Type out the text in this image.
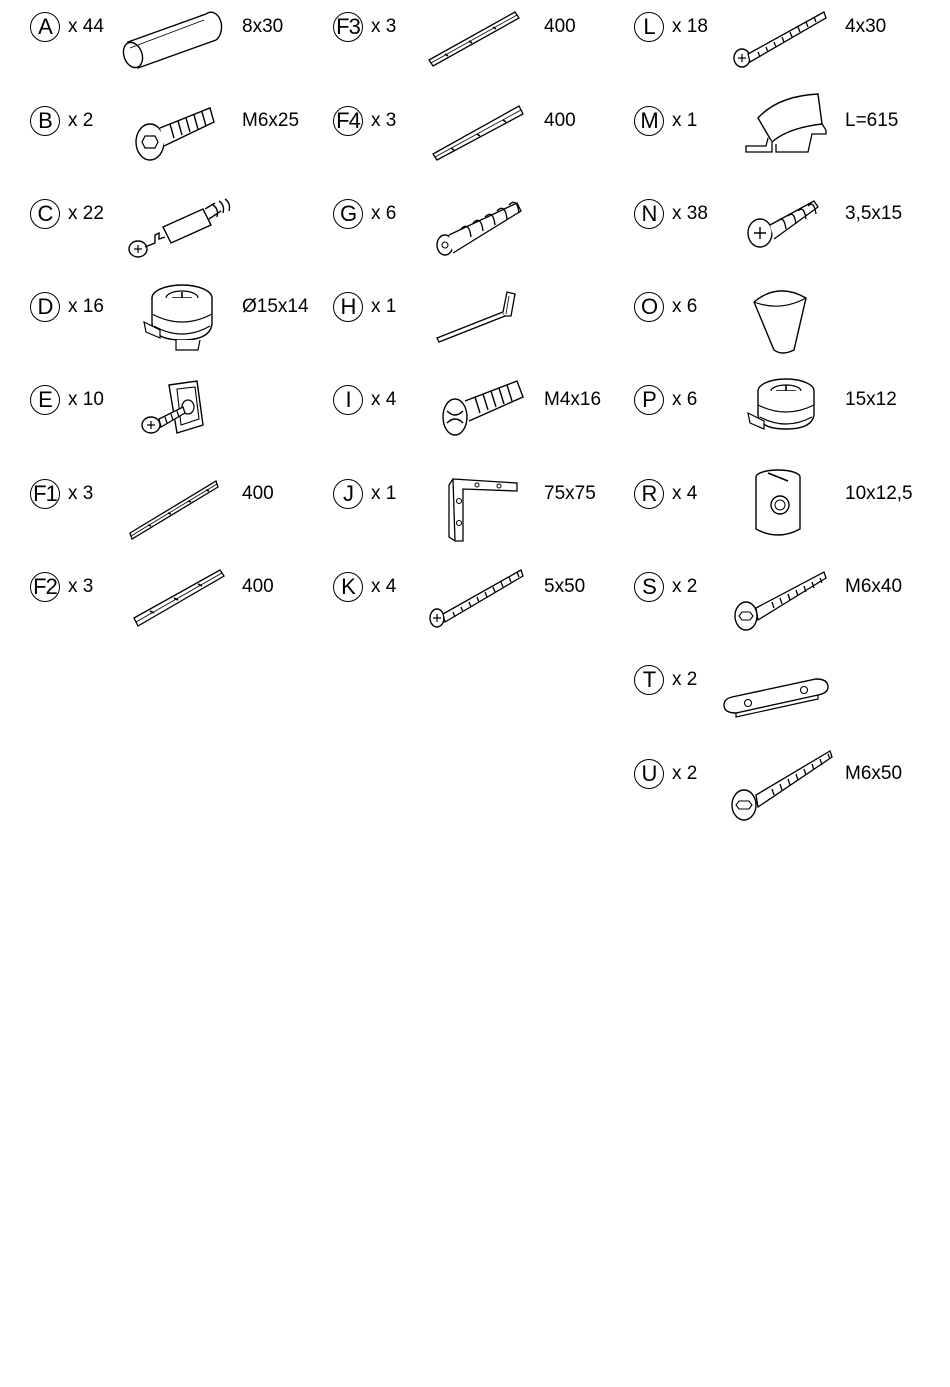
A x 44	8x30
B x 2	M6x25
C x 22
D x 16	Ø15x14
E x 10
F1 x 3	400
F2 x 3	400
F3 x 3	400
F4 x 3	400
G x 6
H x 1
I	x 4	M4x16
J x 1	75x75
K x 4	5x50
L x 18	4x30
M x 1	L=615
N x 38	3,5x15
O x 6
P x 6	15x12
R x 4	10x12,5
S x 2	M6x40
T x 2
U x 2	M6x50
